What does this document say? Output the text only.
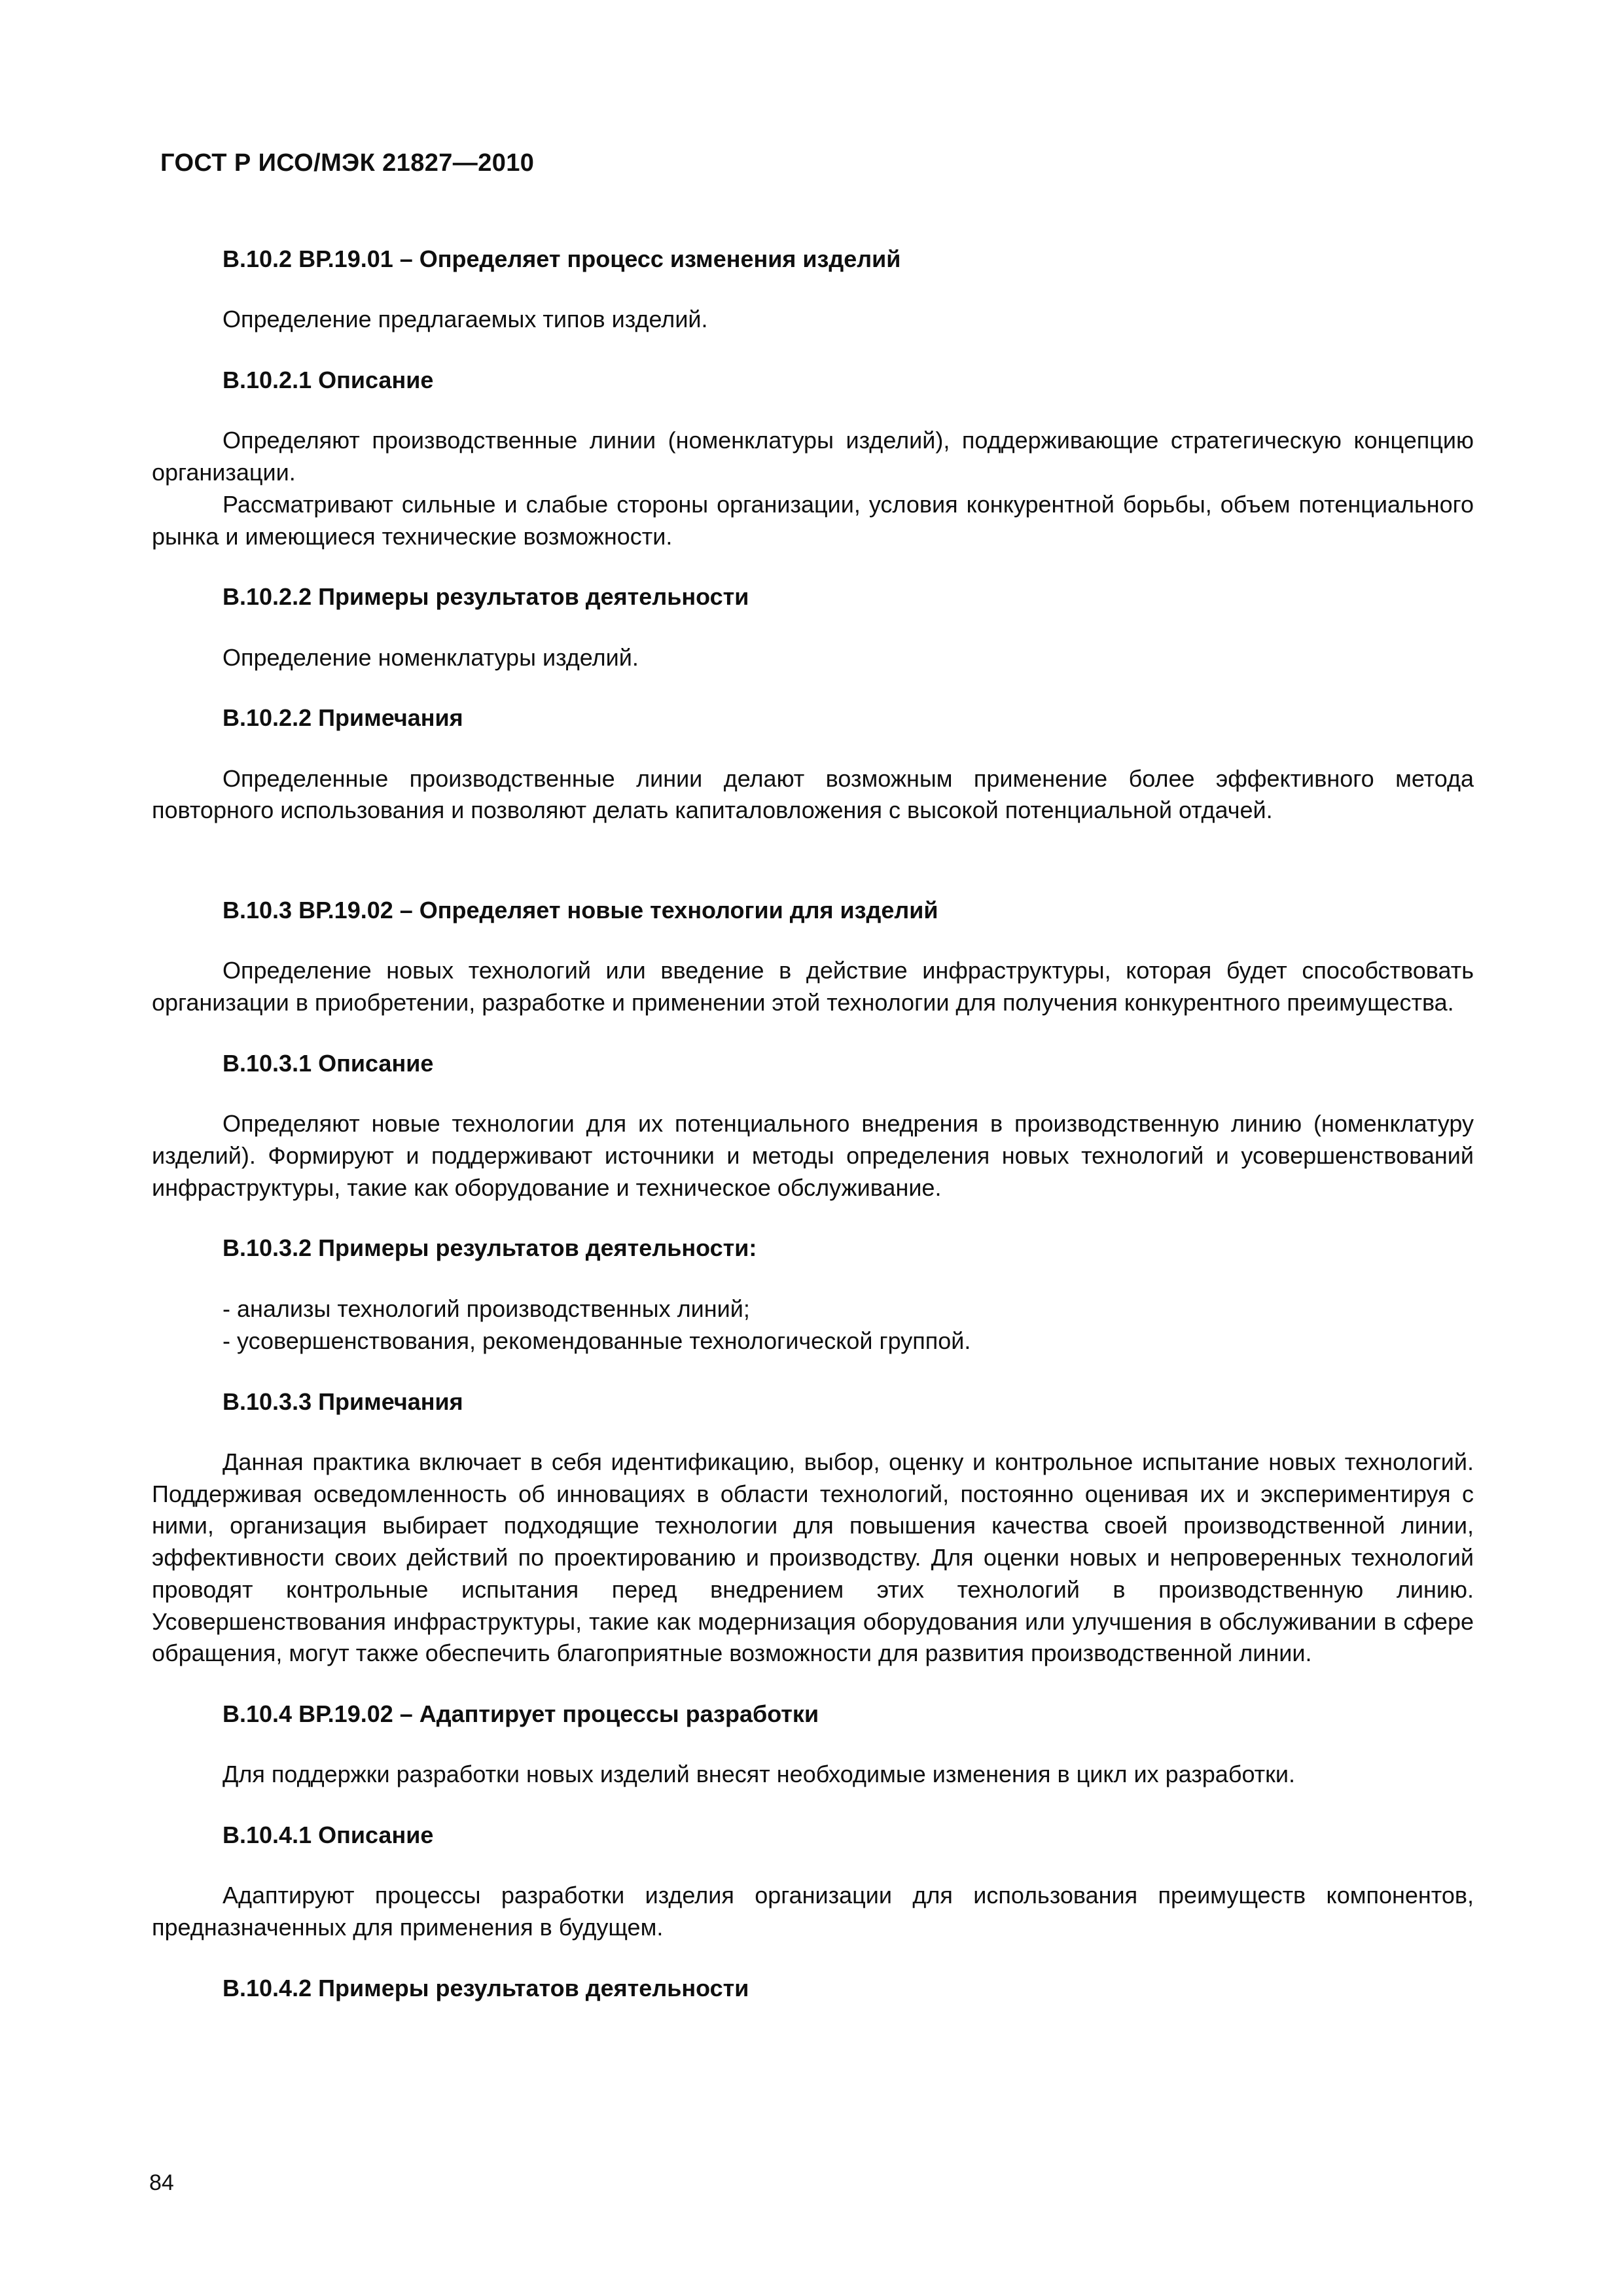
ГОСТ Р ИСО/МЭК 21827—2010
В.10.2 ВР.19.01 – Определяет процесс изменения изделий

Определение предлагаемых типов изделий.

В.10.2.1 Описание

Определяют производственные линии (номенклатуры изделий), поддерживающие стратегическую концепцию организации.

Рассматривают сильные и слабые стороны организации, условия конкурентной борьбы, объем потенциального рынка и имеющиеся технические возможности.

В.10.2.2 Примеры результатов деятельности

Определение номенклатуры изделий.

В.10.2.2 Примечания

Определенные производственные линии делают возможным применение более эффективного метода повторного использования и позволяют делать капиталовложения с высокой потенциальной отдачей.

В.10.3 ВР.19.02 – Определяет новые технологии для изделий

Определение новых технологий или введение в действие инфраструктуры, которая будет способствовать организации в приобретении, разработке и применении этой технологии для получения конкурентного преимущества.

В.10.3.1 Описание

Определяют новые технологии для их потенциального внедрения в производственную линию (номенклатуру изделий). Формируют и поддерживают источники и методы определения новых технологий и усовершенствований инфраструктуры, такие как оборудование и техническое обслуживание.

В.10.3.2 Примеры результатов деятельности:

- анализы технологий производственных линий;

- усовершенствования, рекомендованные технологической группой.

В.10.3.3 Примечания

Данная практика включает в себя идентификацию, выбор, оценку и контрольное испытание новых технологий. Поддерживая осведомленность об инновациях в области технологий, постоянно оценивая их и экспериментируя с ними, организация выбирает подходящие технологии для повышения качества своей производственной линии, эффективности своих действий по проектированию и производству. Для оценки новых и непроверенных технологий проводят контрольные испытания перед внедрением этих технологий в производственную линию. Усовершенствования инфраструктуры, такие как модернизация оборудования или улучшения в обслуживании в сфере обращения, могут также обеспечить благоприятные возможности для развития производственной линии.

В.10.4 ВР.19.02 – Адаптирует процессы разработки

Для поддержки разработки новых изделий внесят необходимые изменения в цикл их разработки.

В.10.4.1 Описание

Адаптируют процессы разработки изделия организации для использования преимуществ компонентов, предназначенных для применения в будущем.

В.10.4.2 Примеры результатов деятельности
84
